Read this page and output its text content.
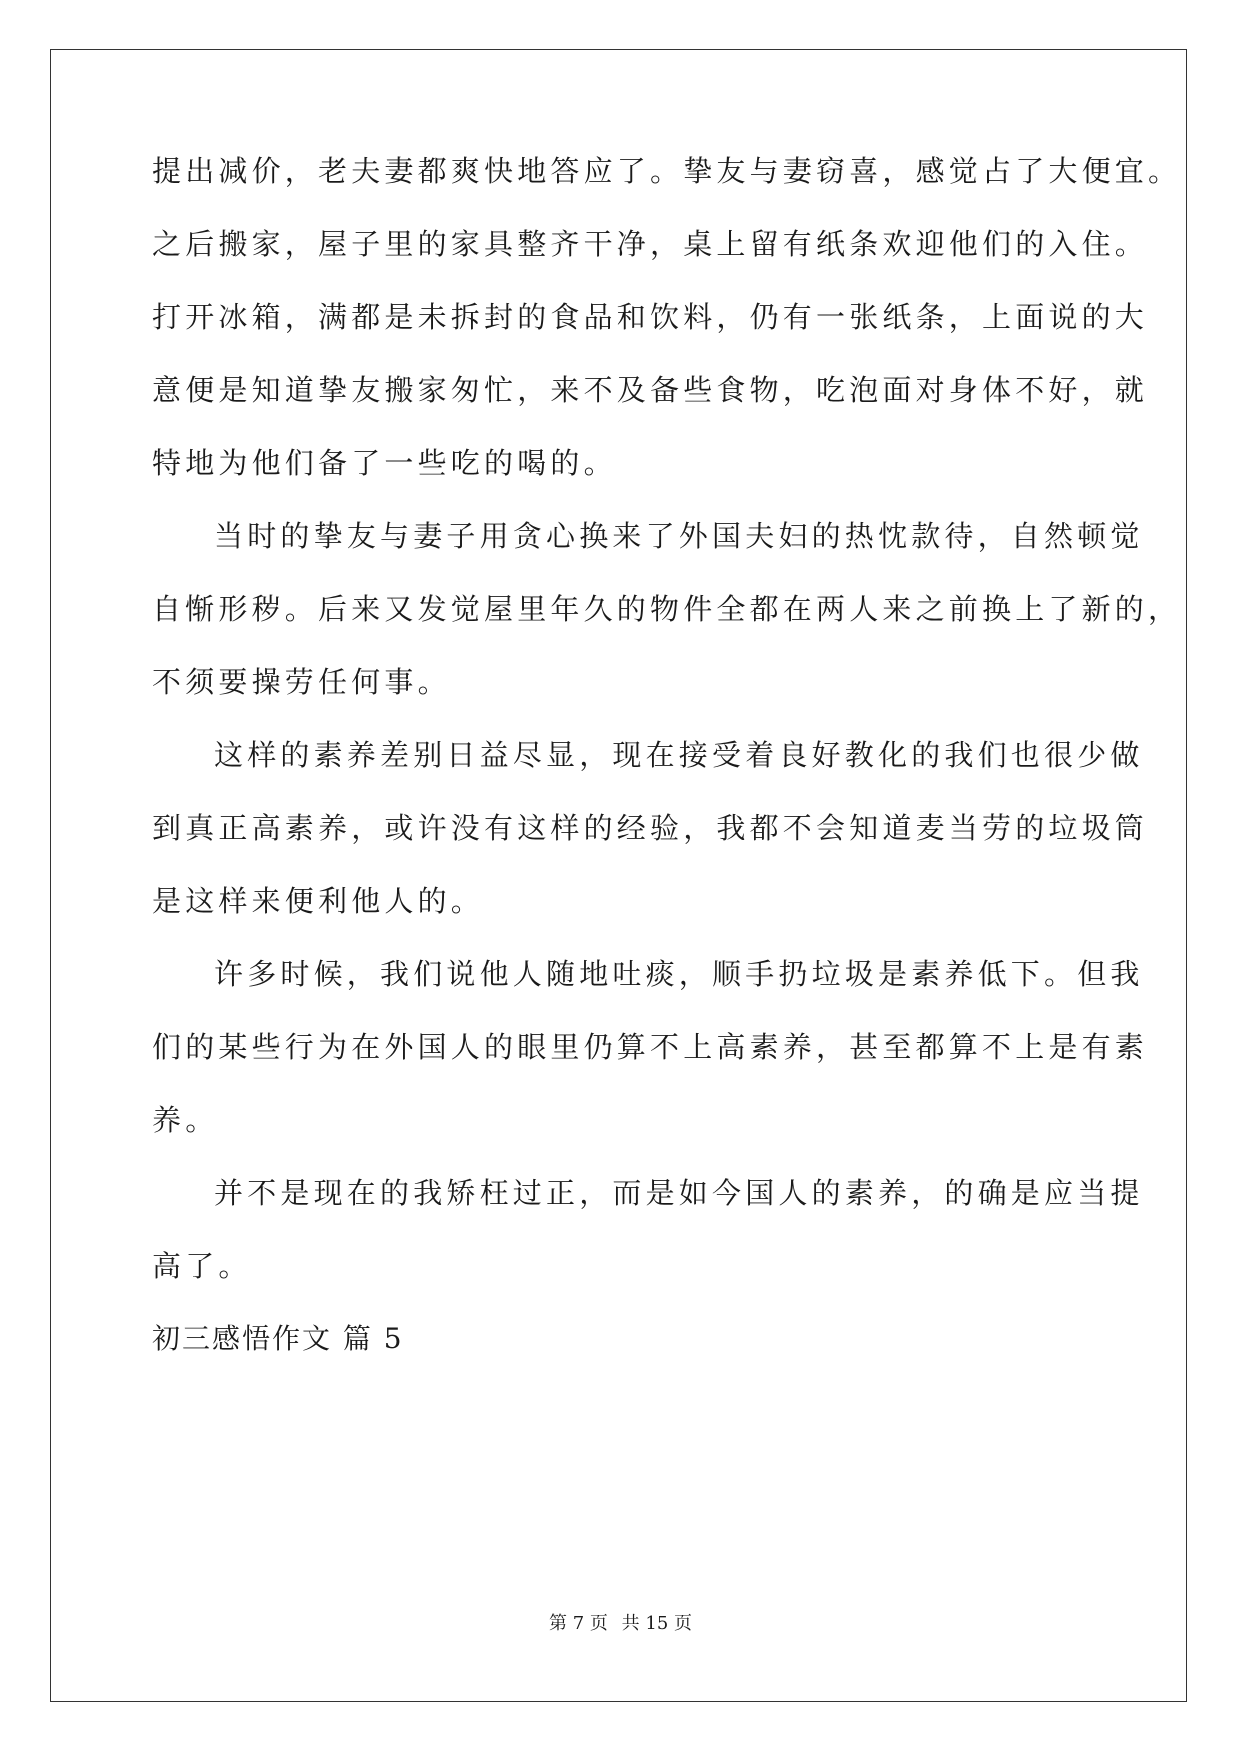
提出减价，老夫妻都爽快地答应了。挚友与妻窃喜，感觉占了大便宜。
之后搬家，屋子里的家具整齐干净，桌上留有纸条欢迎他们的入住。
打开冰箱，满都是未拆封的食品和饮料，仍有一张纸条，上面说的大
意便是知道挚友搬家匆忙，来不及备些食物，吃泡面对身体不好，就
特地为他们备了一些吃的喝的。
当时的挚友与妻子用贪心换来了外国夫妇的热忱款待，自然顿觉
自惭形秽。后来又发觉屋里年久的物件全都在两人来之前换上了新的，
不须要操劳任何事。
这样的素养差别日益尽显，现在接受着良好教化的我们也很少做
到真正高素养，或许没有这样的经验，我都不会知道麦当劳的垃圾筒
是这样来便利他人的。
许多时候，我们说他人随地吐痰，顺手扔垃圾是素养低下。但我
们的某些行为在外国人的眼里仍算不上高素养，甚至都算不上是有素
养。
并不是现在的我矫枉过正，而是如今国人的素养，的确是应当提
高了。
初三感悟作文 篇 5
第 7 页 共 15 页
